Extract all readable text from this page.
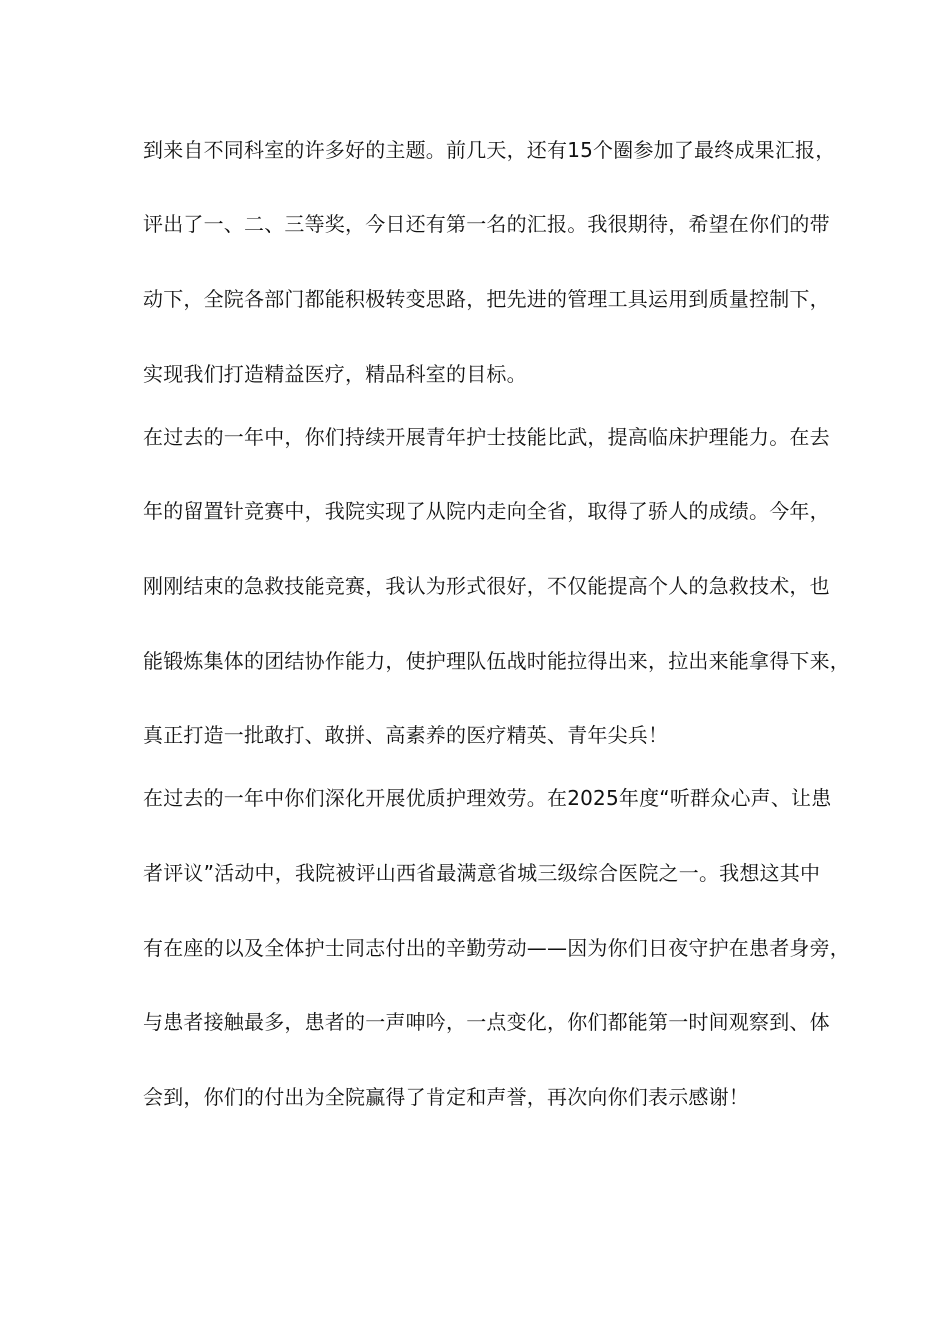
到来自不同科室的许多好的主题。前几天，还有15个圈参加了最终成果汇报，
评出了一、二、三等奖，今日还有第一名的汇报。我很期待，希望在你们的带
动下，全院各部门都能积极转变思路，把先进的管理工具运用到质量控制下，
实现我们打造精益医疗，精品科室的目标。
在过去的一年中，你们持续开展青年护士技能比武，提高临床护理能力。在去
年的留置针竞赛中，我院实现了从院内走向全省，取得了骄人的成绩。今年，
刚刚结束的急救技能竞赛，我认为形式很好，不仅能提高个人的急救技术，也
能锻炼集体的团结协作能力，使护理队伍战时能拉得出来，拉出来能拿得下来，
真正打造一批敢打、敢拼、高素养的医疗精英、青年尖兵！
在过去的一年中你们深化开展优质护理效劳。在2025年度“听群众心声、让患
者评议”活动中，我院被评山西省最满意省城三级综合医院之一。我想这其中
有在座的以及全体护士同志付出的辛勤劳动——因为你们日夜守护在患者身旁，
与患者接触最多，患者的一声呻吟，一点变化，你们都能第一时间观察到、体
会到，你们的付出为全院赢得了肯定和声誉，再次向你们表示感谢！
